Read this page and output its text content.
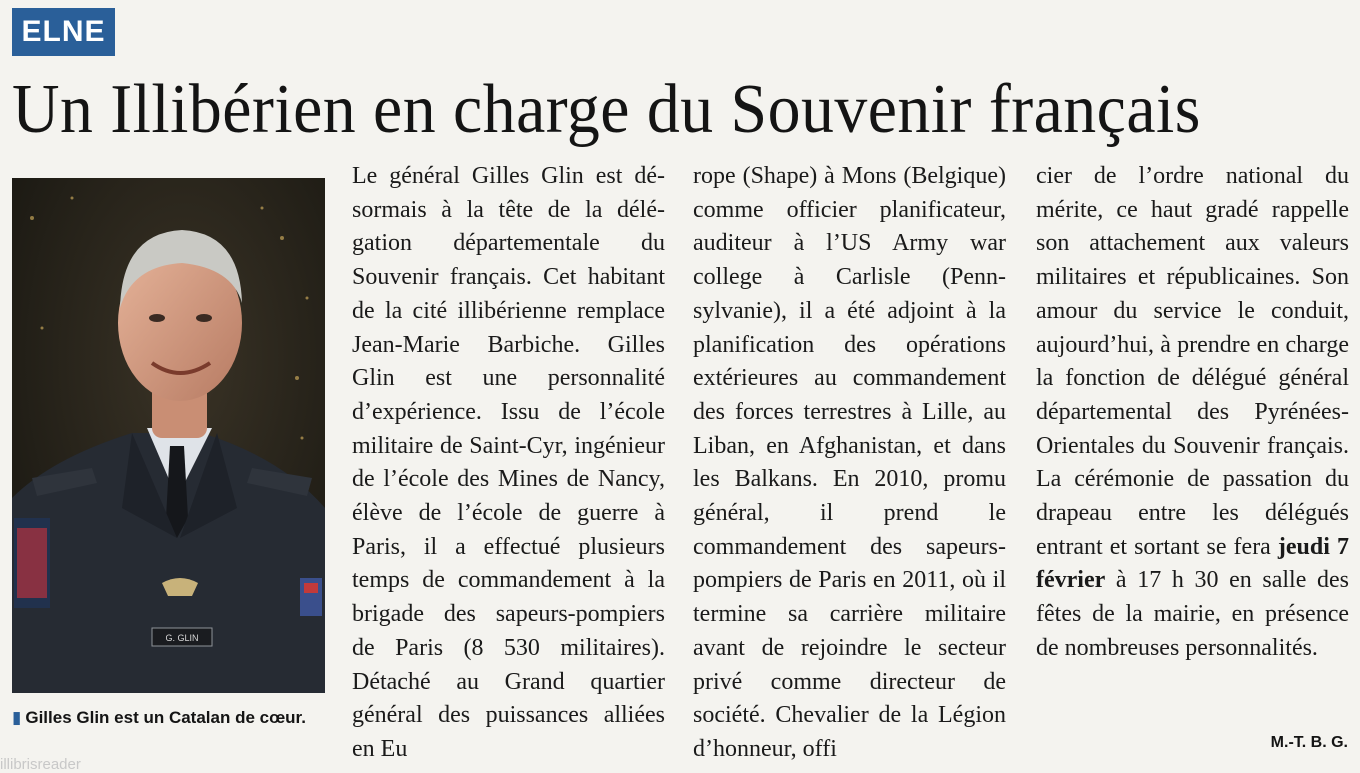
ELNE
Un Illibérien en charge du Souvenir français
G. GLIN
▮ Gilles Glin est un Catalan de cœur.

Le général Gilles Glin est désormais à la tête de la délégation départementale du Souvenir français. Cet habitant de la cité illibérienne remplace Jean-Marie Barbiche. Gilles Glin est une personnalité d’expérience. Issu de l’école militaire de Saint-Cyr, ingénieur de l’école des Mines de Nancy, élève de l’école de guerre à Paris, il a effectué plusieurs temps de commandement à la brigade des sapeurs-pompiers de Paris (8 530 militaires). Détaché au Grand quartier général des puissances alliées en Eu

rope (Shape) à Mons (Belgique) comme officier planificateur, auditeur à l’US Army war college à Carlisle (Pennsylvanie), il a été adjoint à la planification des opérations extérieures au commandement des forces terrestres à Lille, au Liban, en Afghanistan, et dans les Balkans. En 2010, promu général, il prend le commandement des sapeurs-pompiers de Paris en 2011, où il termine sa carrière militaire avant de rejoindre le secteur privé comme directeur de société. Chevalier de la Légion d’honneur, offi

cier de l’ordre national du mérite, ce haut gradé rappelle son attachement aux valeurs militaires et républicaines. Son amour du service le conduit, aujourd’hui, à prendre en charge la fonction de délégué général départemental des Pyrénées-Orientales du Souvenir français. La cérémonie de passation du drapeau entre les délégués entrant et sortant se fera jeudi 7 février à 17 h 30 en salle des fêtes de la mairie, en présence de nombreuses personnalités.

M.-T. B. G.
illibrisreader
